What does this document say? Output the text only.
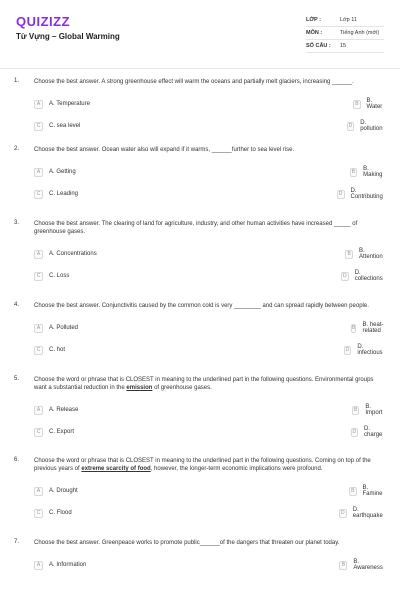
QUIZIZZ
Từ Vựng – Global Warming
LỚP :	Lớp 11
MÔN :	Tiếng Anh (mới)
SỐ CÂU :	15
1. Choose the best answer. A strong greenhouse effect will warm the oceans and partially melt glaciers, increasing ______.
A	A. Temperature	B	B. Water
C	C. sea level	D	D. pollution
2. Choose the best answer. Ocean water also will expand if it warms, ______further to sea level rise.
A	A. Getting	B	B. Making
C	C. Leading	D	D. Contributing
3. Choose the best answer. The clearing of land for agriculture, industry, and other human activities have increased _____ of greenhouse gases.
A	A. Concentrations	B	B. Attention
C	C. Loss	D	D. collections
4. Choose the best answer. Conjunctivitis caused by the common cold is very ________ and can spread rapidly between people.
A	A. Polluted	B B. heat-related
C	C. hot	D	D. infectious
5. Choose the word or phrase that is CLOSEST in meaning to the underlined part in the following questions. Environmental groups want a substantial reduction in the emission of greenhouse gases.
A	A. Release	B	B. Import
C	C. Export	D	D. charge
6. Choose the word or phrase that is CLOSEST in meaning to the underlined part in the following questions. Coming on top of the previous years of extreme scarcity of food, however, the longer-term economic implications were profound.
A	A. Drought	B	B. Famine
C	C. Flood	D	D. earthquake
7. Choose the best answer. Greenpeace works to promote public______of the dangers that threaten our planet today.
A	A. Information	B	B. Awareness
